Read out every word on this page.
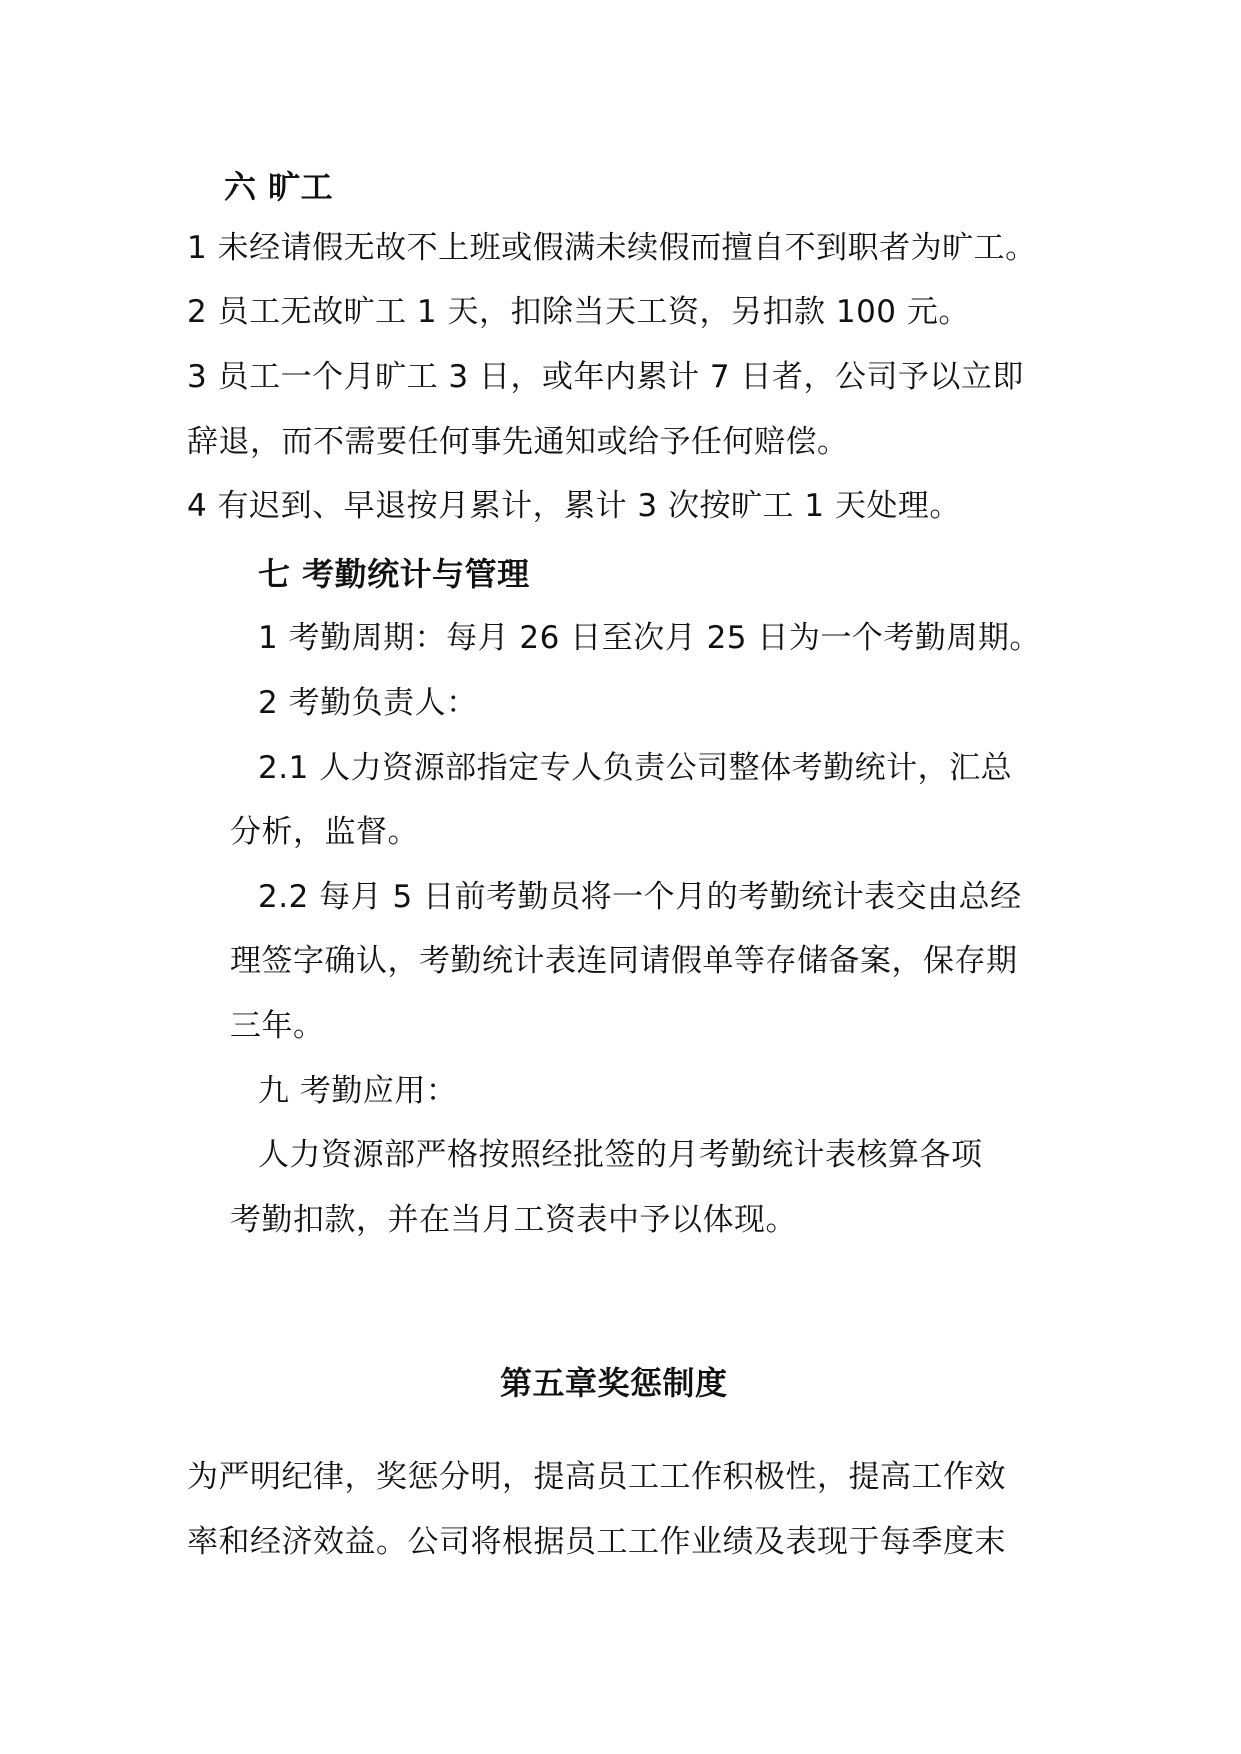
六 旷工
1 未经请假无故不上班或假满未续假而擅自不到职者为旷工。
2 员工无故旷工 1 天，扣除当天工资，另扣款 100 元。
3 员工一个月旷工 3 日，或年内累计 7 日者，公司予以立即
辞退，而不需要任何事先通知或给予任何赔偿。
4 有迟到、早退按月累计，累计 3 次按旷工 1 天处理。
七 考勤统计与管理
1 考勤周期：每月 26 日至次月 25 日为一个考勤周期。
2 考勤负责人：
2.1 人力资源部指定专人负责公司整体考勤统计，汇总
分析，监督。
2.2 每月 5 日前考勤员将一个月的考勤统计表交由总经
理签字确认，考勤统计表连同请假单等存储备案，保存期
三年。
九 考勤应用：
人力资源部严格按照经批签的月考勤统计表核算各项
考勤扣款，并在当月工资表中予以体现。
第五章奖惩制度
为严明纪律，奖惩分明，提高员工工作积极性，提高工作效
率和经济效益。公司将根据员工工作业绩及表现于每季度末
